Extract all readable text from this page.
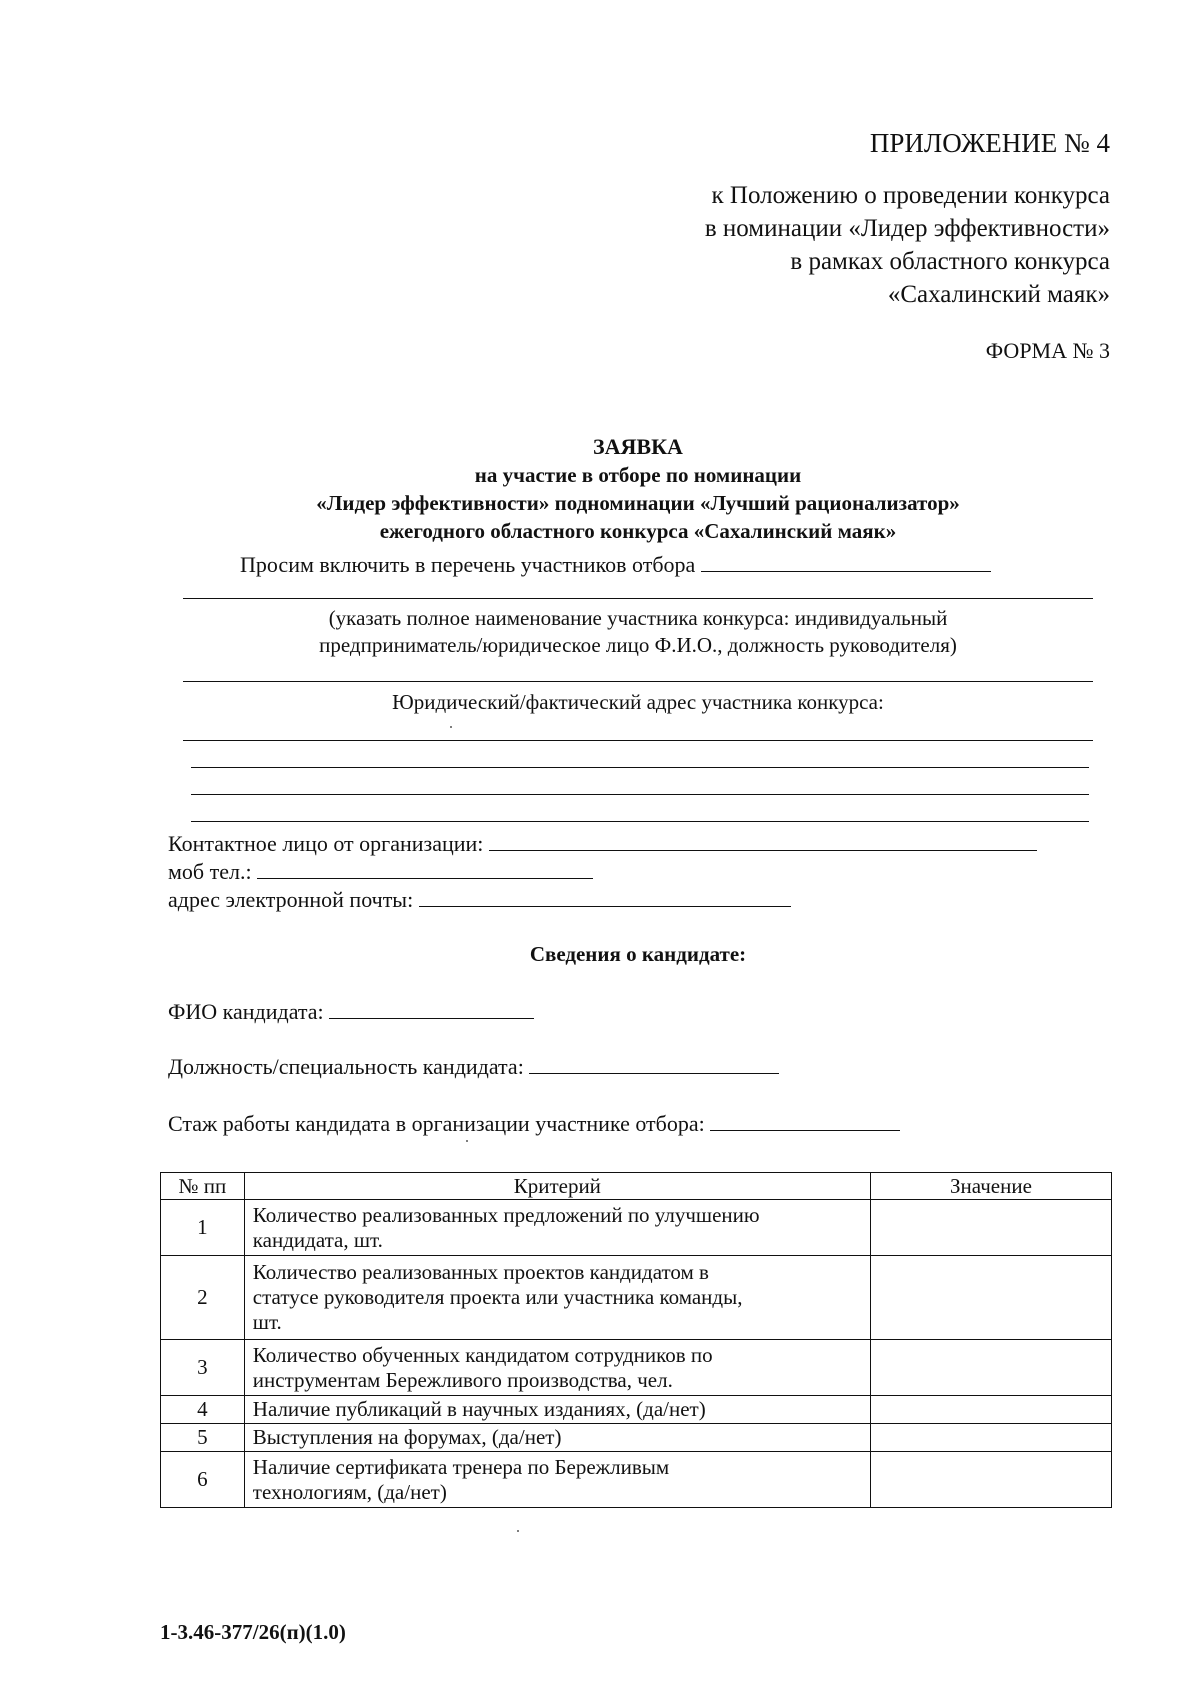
ПРИЛОЖЕНИЕ № 4
к Положению о проведении конкурса
в номинации «Лидер эффективности»
в рамках областного конкурса
«Сахалинский маяк»
ФОРМА № 3
ЗАЯВКА
на участие в отборе по номинации
«Лидер эффективности» подноминации «Лучший рационализатор»
ежегодного областного конкурса «Сахалинский маяк»
Просим включить в перечень участников отбора
(указать полное наименование участника конкурса: индивидуальный
предприниматель/юридическое лицо Ф.И.О., должность руководителя)
Юридический/фактический адрес участника конкурса:
Контактное лицо от организации:
моб тел.:
адрес электронной почты:
Сведения о кандидате:
ФИО кандидата:
Должность/специальность кандидата:
Стаж работы кандидата в организации участнике отбора:
№ пп	Критерий	Значение
1	Количество реализованных предложений по улучшению
кандидата, шт.	

2	Количество реализованных проектов кандидатом в
статусе руководителя проекта или участника команды,
шт.	

3	Количество обученных кандидатом сотрудников по
инструментам Бережливого производства, чел.	

4	Наличие публикаций в научных изданиях, (да/нет)	

5	Выступления на форумах, (да/нет)	

6	Наличие сертификата тренера по Бережливым
технологиям, (да/нет)	

1-3.46-377/26(п)(1.0)
